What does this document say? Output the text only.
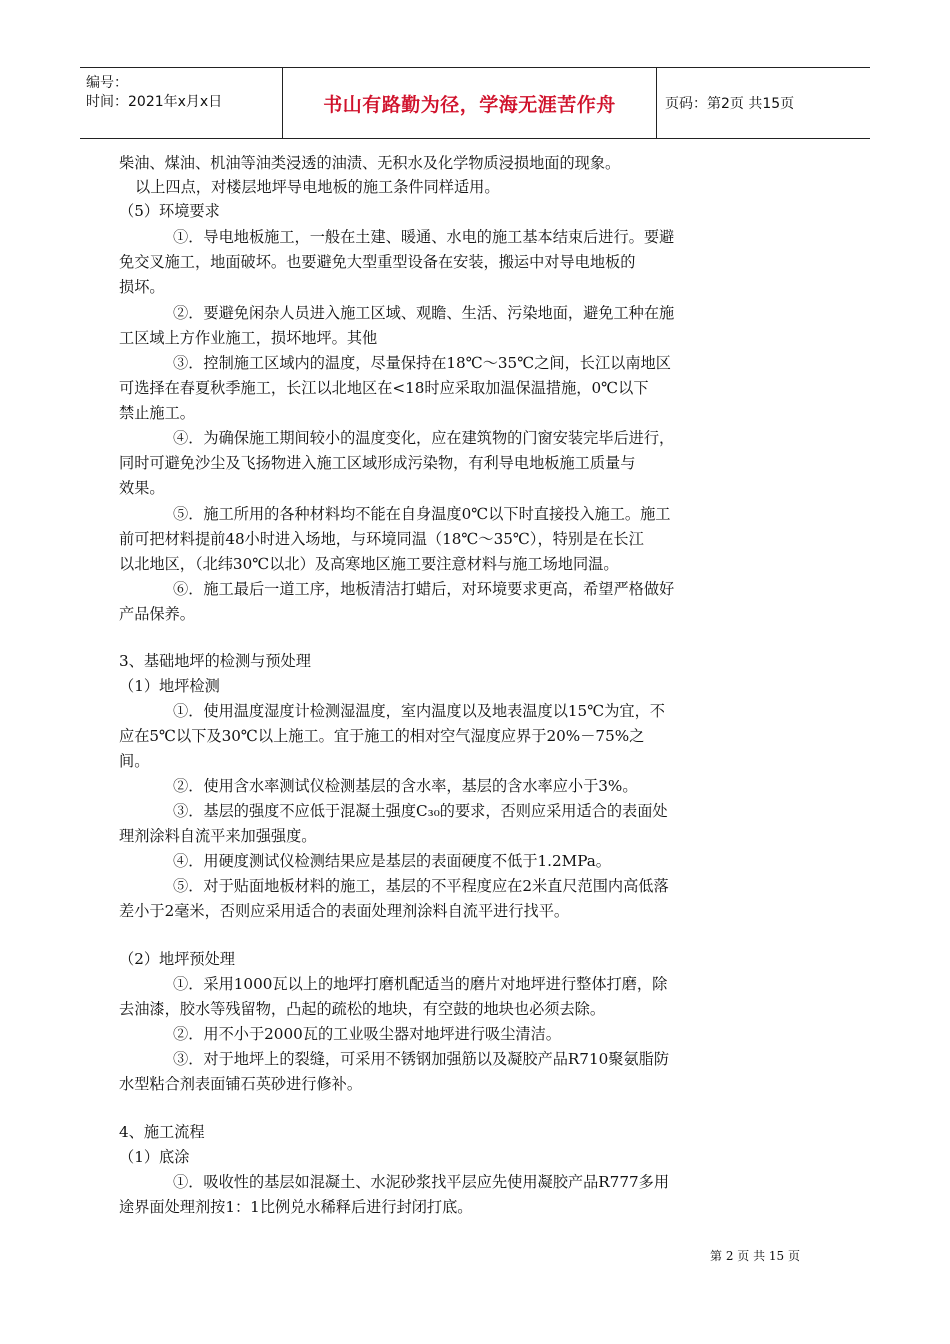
编号：
时间：2021年x月x日	书山有路勤为径，学海无涯苦作舟	页码：第2页 共15页
柴油、煤油、机油等油类浸透的油渍、无积水及化学物质浸损地面的现象。
以上四点，对楼层地坪导电地板的施工条件同样适用。
（5）环境要求
①．导电地板施工，一般在土建、暖通、水电的施工基本结束后进行。要避
免交叉施工，地面破坏。也要避免大型重型设备在安装，搬运中对导电地板的
损坏。
②．要避免闲杂人员进入施工区域、观瞻、生活、污染地面，避免工种在施
工区域上方作业施工，损坏地坪。其他
③．控制施工区域内的温度，尽量保持在18℃～35℃之间，长江以南地区
可选择在春夏秋季施工，长江以北地区在<18时应采取加温保温措施，0℃以下
禁止施工。
④．为确保施工期间较小的温度变化，应在建筑物的门窗安装完毕后进行，
同时可避免沙尘及飞扬物进入施工区域形成污染物，有利导电地板施工质量与
效果。
⑤．施工所用的各种材料均不能在自身温度0℃以下时直接投入施工。施工
前可把材料提前48小时进入场地，与环境同温（18℃～35℃），特别是在长江
以北地区，（北纬30℃以北）及高寒地区施工要注意材料与施工场地同温。
⑥．施工最后一道工序，地板清洁打蜡后，对环境要求更高，希望严格做好
产品保养。
3、基础地坪的检测与预处理
（1）地坪检测
①．使用温度湿度计检测湿温度，室内温度以及地表温度以15℃为宜，不
应在5℃以下及30℃以上施工。宜于施工的相对空气湿度应界于20%－75%之
间。
②．使用含水率测试仪检测基层的含水率，基层的含水率应小于3%。
③．基层的强度不应低于混凝土强度C₃₀的要求，否则应采用适合的表面处
理剂涂料自流平来加强强度。
④．用硬度测试仪检测结果应是基层的表面硬度不低于1.2MPa。
⑤．对于贴面地板材料的施工，基层的不平程度应在2米直尺范围内高低落
差小于2毫米，否则应采用适合的表面处理剂涂料自流平进行找平。
（2）地坪预处理
①．采用1000瓦以上的地坪打磨机配适当的磨片对地坪进行整体打磨，除
去油漆，胶水等残留物，凸起的疏松的地块，有空鼓的地块也必须去除。
②．用不小于2000瓦的工业吸尘器对地坪进行吸尘清洁。
③．对于地坪上的裂缝，可采用不锈钢加强筋以及凝胶产品R710聚氨脂防
水型粘合剂表面铺石英砂进行修补。
4、施工流程
（1）底涂
①．吸收性的基层如混凝土、水泥砂浆找平层应先使用凝胶产品R777多用
途界面处理剂按1：1比例兑水稀释后进行封闭打底。
第 2 页 共 15 页
